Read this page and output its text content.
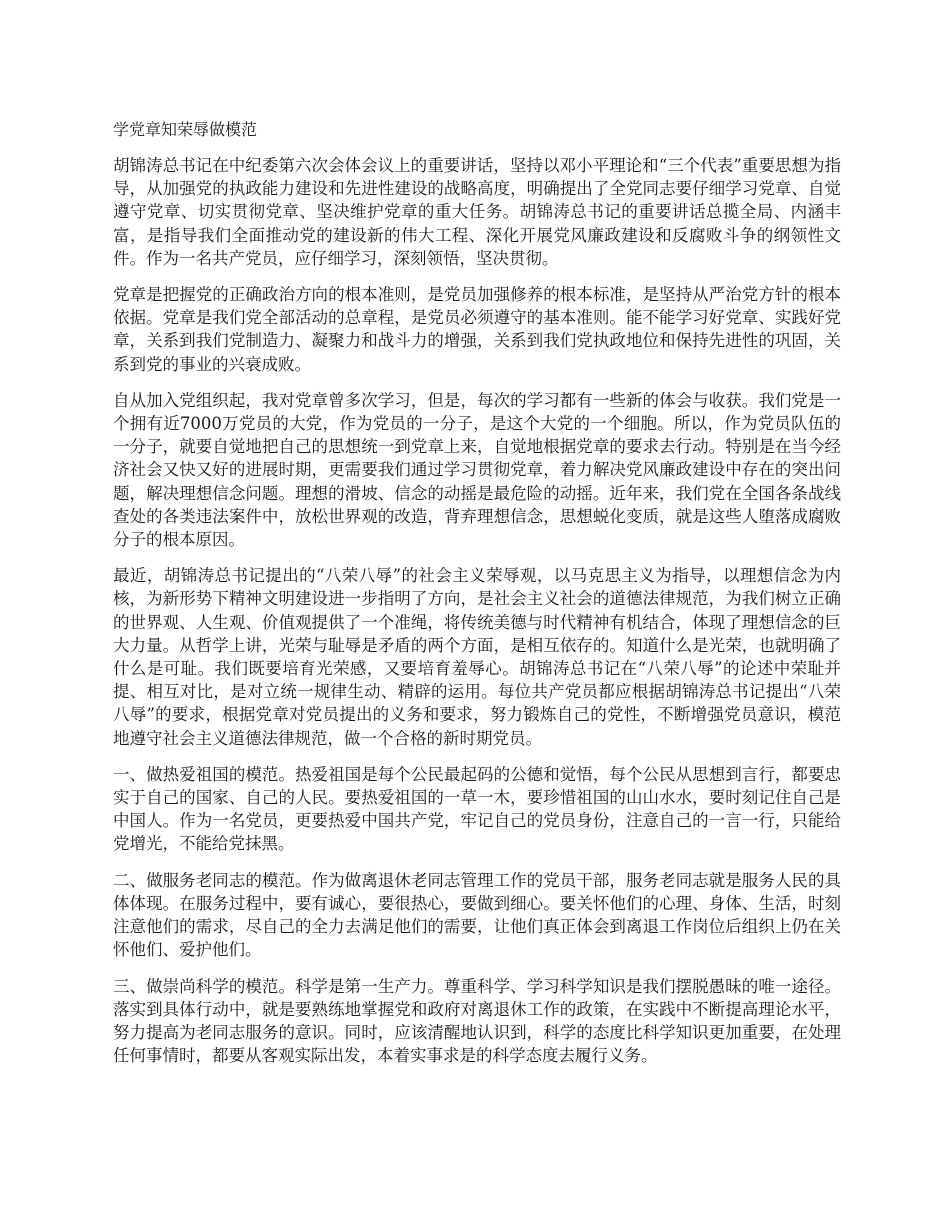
学党章知荣辱做模范

胡锦涛总书记在中纪委第六次会体会议上的重要讲话，坚持以邓小平理论和“三个代表”重要思想为指导，从加强党的执政能力建设和先进性建设的战略高度，明确提出了全党同志要仔细学习党章、自觉遵守党章、切实贯彻党章、坚决维护党章的重大任务。胡锦涛总书记的重要讲话总揽全局、内涵丰富，是指导我们全面推动党的建设新的伟大工程、深化开展党风廉政建设和反腐败斗争的纲领性文件。作为一名共产党员，应仔细学习，深刻领悟，坚决贯彻。

党章是把握党的正确政治方向的根本准则，是党员加强修养的根本标准，是坚持从严治党方针的根本依据。党章是我们党全部活动的总章程，是党员必须遵守的基本准则。能不能学习好党章、实践好党章，关系到我们党制造力、凝聚力和战斗力的增强，关系到我们党执政地位和保持先进性的巩固，关系到党的事业的兴衰成败。

自从加入党组织起，我对党章曾多次学习，但是，每次的学习都有一些新的体会与收获。我们党是一个拥有近7000万党员的大党，作为党员的一分子，是这个大党的一个细胞。所以，作为党员队伍的一分子，就要自觉地把自己的思想统一到党章上来，自觉地根据党章的要求去行动。特别是在当今经济社会又快又好的进展时期，更需要我们通过学习贯彻党章，着力解决党风廉政建设中存在的突出问题，解决理想信念问题。理想的滑坡、信念的动摇是最危险的动摇。近年来，我们党在全国各条战线查处的各类违法案件中，放松世界观的改造，背弃理想信念，思想蜕化变质，就是这些人堕落成腐败分子的根本原因。

最近，胡锦涛总书记提出的“八荣八辱”的社会主义荣辱观，以马克思主义为指导，以理想信念为内核，为新形势下精神文明建设进一步指明了方向，是社会主义社会的道德法律规范，为我们树立正确的世界观、人生观、价值观提供了一个准绳，将传统美德与时代精神有机结合，体现了理想信念的巨大力量。从哲学上讲，光荣与耻辱是矛盾的两个方面，是相互依存的。知道什么是光荣，也就明确了什么是可耻。我们既要培育光荣感，又要培育羞辱心。胡锦涛总书记在“八荣八辱”的论述中荣耻并提、相互对比，是对立统一规律生动、精辟的运用。每位共产党员都应根据胡锦涛总书记提出“八荣八辱”的要求，根据党章对党员提出的义务和要求，努力锻炼自己的党性，不断增强党员意识，模范地遵守社会主义道德法律规范，做一个合格的新时期党员。

一、做热爱祖国的模范。热爱祖国是每个公民最起码的公德和觉悟，每个公民从思想到言行，都要忠实于自己的国家、自己的人民。要热爱祖国的一草一木，要珍惜祖国的山山水水，要时刻记住自己是中国人。作为一名党员，更要热爱中国共产党，牢记自己的党员身份，注意自己的一言一行，只能给党增光，不能给党抹黑。

二、做服务老同志的模范。作为做离退休老同志管理工作的党员干部，服务老同志就是服务人民的具体体现。在服务过程中，要有诚心，要很热心，要做到细心。要关怀他们的心理、身体、生活，时刻注意他们的需求，尽自己的全力去满足他们的需要，让他们真正体会到离退工作岗位后组织上仍在关怀他们、爱护他们。

三、做崇尚科学的模范。科学是第一生产力。尊重科学、学习科学知识是我们摆脱愚昧的唯一途径。落实到具体行动中，就是要熟练地掌握党和政府对离退休工作的政策，在实践中不断提高理论水平，努力提高为老同志服务的意识。同时，应该清醒地认识到，科学的态度比科学知识更加重要，在处理任何事情时，都要从客观实际出发，本着实事求是的科学态度去履行义务。
